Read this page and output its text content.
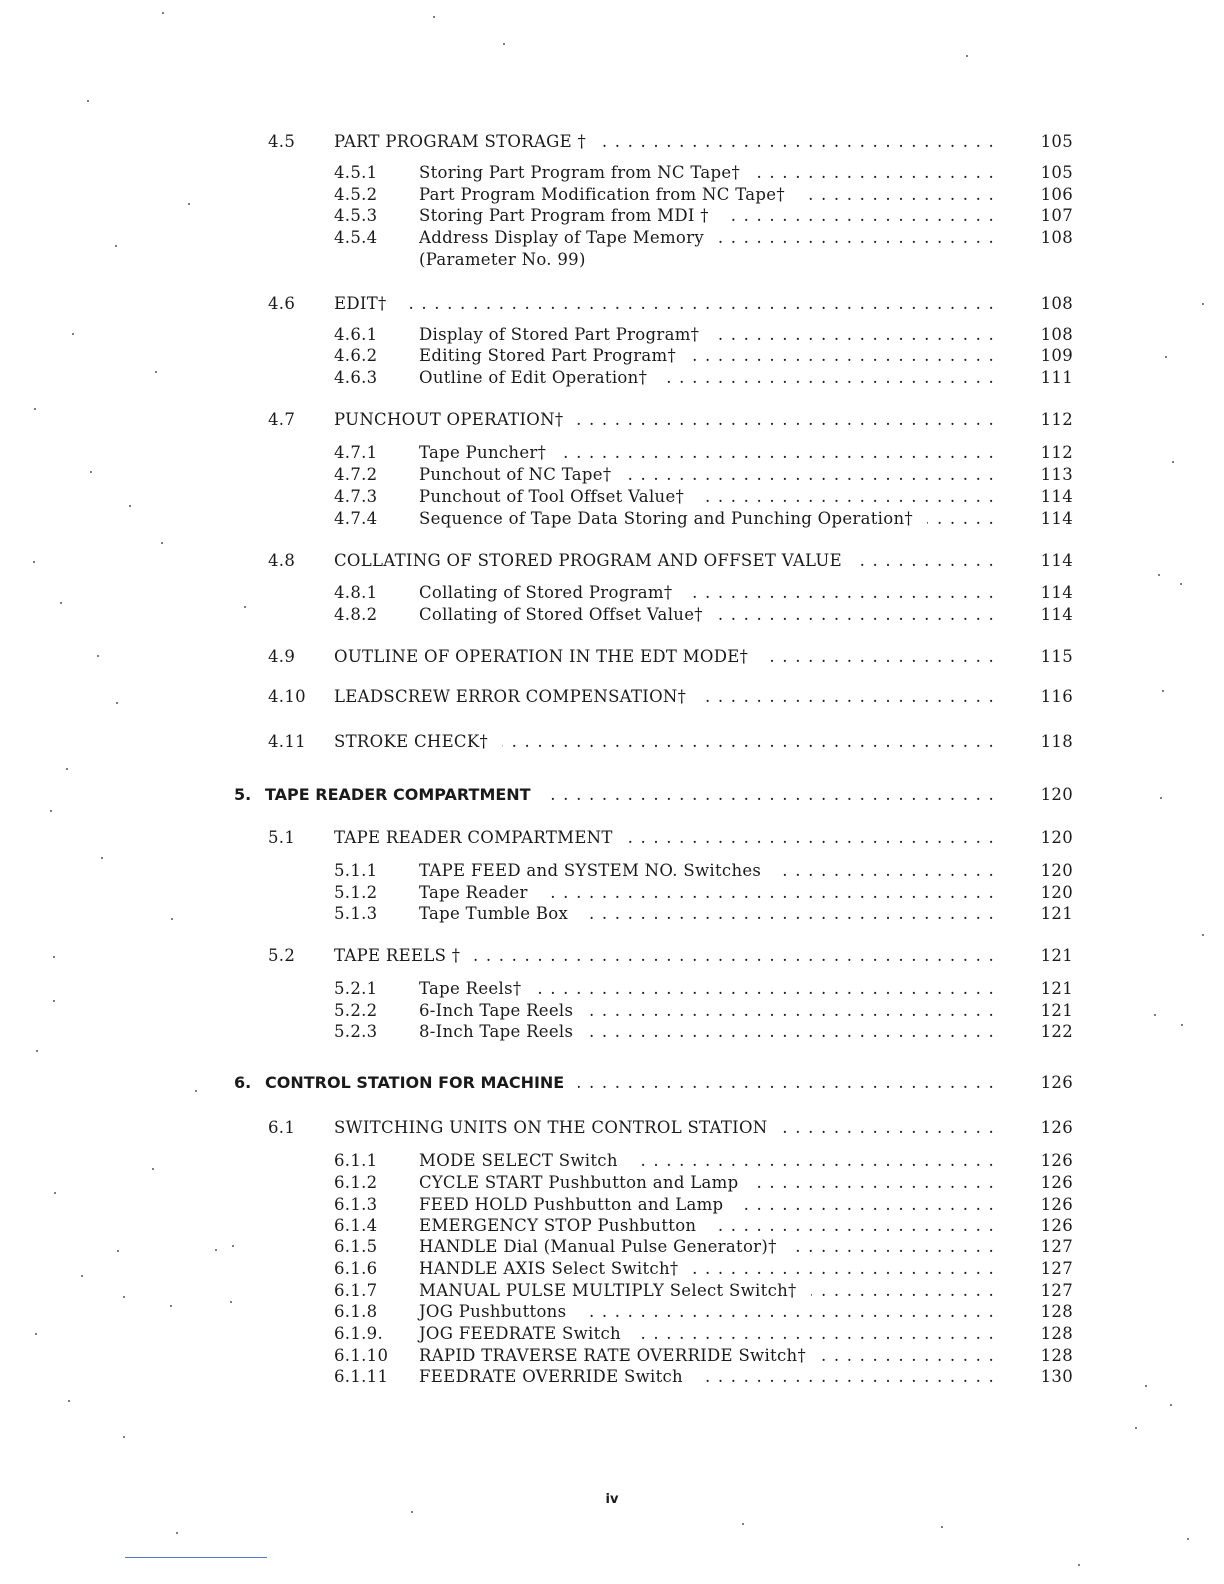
4.5 PART PROGRAM STORAGE † . . .	105
4.5.1	Storing Part Program from NC Tape† . . .	105
4.5.2	Part Program Modification from NC Tape† . . .	106
4.5.3	Storing Part Program from MDI † . . .	107
4.5.4	Address Display of Tape Memory . . .	108
(Parameter No. 99)
4.6 EDIT† . . .	108
4.6.1	Display of Stored Part Program† . . .	108
4.6.2	Editing Stored Part Program† . . .	109
4.6.3	Outline of Edit Operation† . . .	111
4.7 PUNCHOUT OPERATION† . . .	112
4.7.1	Tape Puncher† . . .	112
4.7.2	Punchout of NC Tape† . . .	113
4.7.3	Punchout of Tool Offset Value† . . .	114
4.7.4	Sequence of Tape Data Storing and Punching Operation† . . .	114
4.8 COLLATING OF STORED PROGRAM AND OFFSET VALUE . . .	114
4.8.1	Collating of Stored Program† . . .	114
4.8.2	Collating of Stored Offset Value† . . .	114
4.9 OUTLINE OF OPERATION IN THE EDT MODE† . . .	115
4.10 LEADSCREW ERROR COMPENSATION† . . .	116
4.11 STROKE CHECK† . . .	118
5. TAPE READER COMPARTMENT . . .	120
5.1 TAPE READER COMPARTMENT . . .	120
5.1.1	TAPE FEED and SYSTEM NO. Switches . . .	120
5.1.2	Tape Reader . . .	120
5.1.3	Tape Tumble Box . . .	121
5.2 TAPE REELS † . . .	121
5.2.1	Tape Reels† . . .	121
5.2.2	6-Inch Tape Reels . . .	121
5.2.3	8-Inch Tape Reels . . .	122
6. CONTROL STATION FOR MACHINE . . .	126
6.1 SWITCHING UNITS ON THE CONTROL STATION . . .	126
6.1.1	MODE SELECT Switch . . .	126
6.1.2	CYCLE START Pushbutton and Lamp . . .	126
6.1.3	FEED HOLD Pushbutton and Lamp . . .	126
6.1.4	EMERGENCY STOP Pushbutton . . .	126
6.1.5	HANDLE Dial (Manual Pulse Generator)† . . .	127
6.1.6	HANDLE AXIS Select Switch† . . .	127
6.1.7	MANUAL PULSE MULTIPLY Select Switch† . . .	127
6.1.8	JOG Pushbuttons . . .	128
6.1.9. JOG FEEDRATE Switch . . .	128
6.1.10 RAPID TRAVERSE RATE OVERRIDE Switch† . . .	128
6.1.11 FEEDRATE OVERRIDE Switch . . .	130
iv
